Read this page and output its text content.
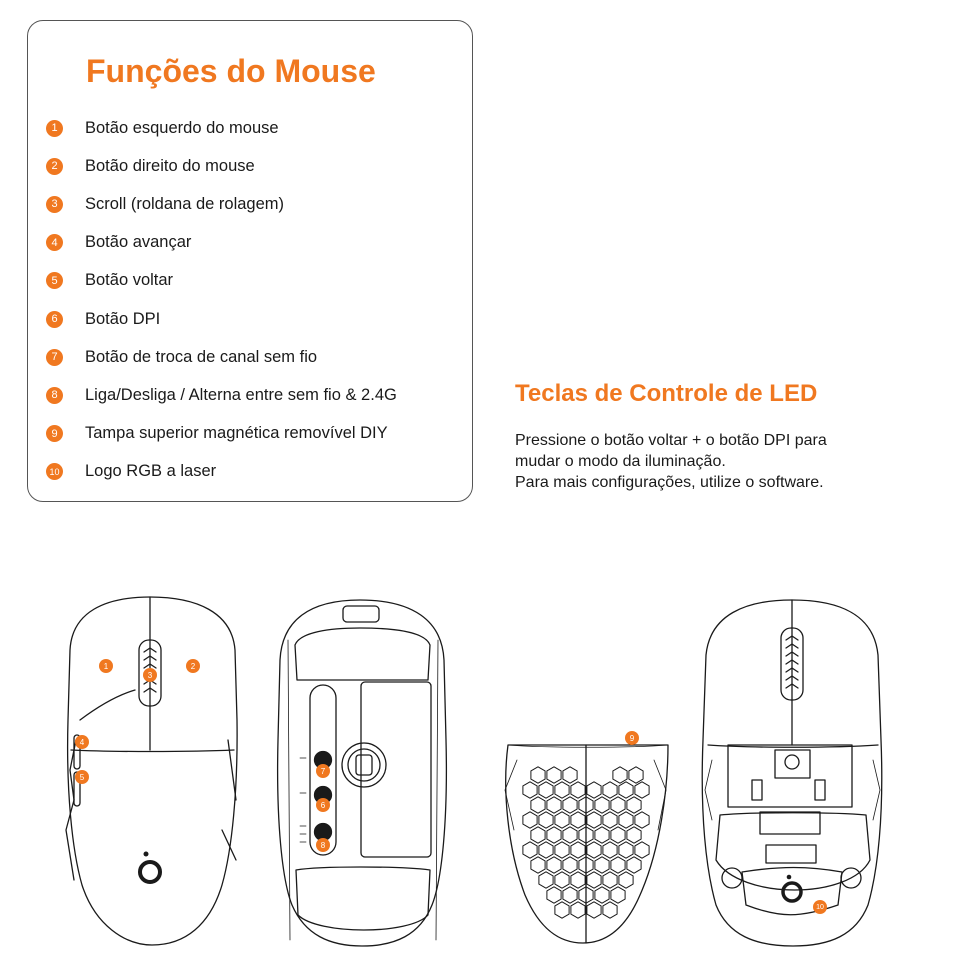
Funções do Mouse
1	Botão esquerdo do mouse
2	Botão direito do mouse
3	Scroll (roldana de rolagem)
4	Botão avançar
5	Botão voltar
6	Botão DPI
7	Botão de troca de canal sem fio
8	Liga/Desliga / Alterna entre sem fio & 2.4G
9	Tampa superior magnética removível DIY
10 Logo RGB a laser
Teclas de Controle de LED
Pressione o botão voltar + o botão DPI para
mudar o modo da iluminação.
Para mais configurações, utilize o software.
1	2
3
4
5
6
7
8
9
10
